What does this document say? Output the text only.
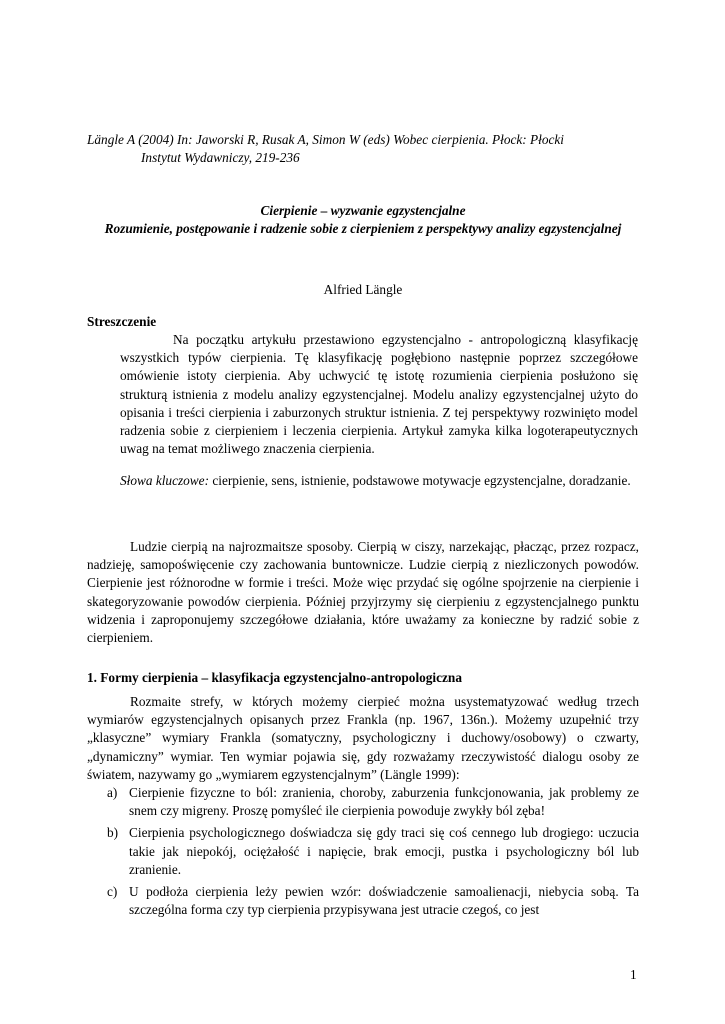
Längle A (2004) In: Jaworski R, Rusak A, Simon W (eds) Wobec cierpienia. Płock: Płocki
Instytut Wydawniczy, 219-236
Cierpienie – wyzwanie egzystencjalne
Rozumienie, postępowanie i radzenie sobie z cierpieniem z perspektywy analizy egzystencjalnej
Alfried Längle
Streszczenie

Na początku artykułu przestawiono egzystencjalno - antropologiczną klasyfikację wszystkich typów cierpienia. Tę klasyfikację pogłębiono następnie poprzez szczegółowe omówienie istoty cierpienia. Aby uchwycić tę istotę rozumienia cierpienia posłużono się strukturą istnienia z modelu analizy egzystencjalnej. Modelu analizy egzystencjalnej użyto do opisania i treści cierpienia i zaburzonych struktur istnienia. Z tej perspektywy rozwinięto model radzenia sobie z cierpieniem i leczenia cierpienia. Artykuł zamyka kilka logoterapeutycznych uwag na temat możliwego znaczenia cierpienia.

Słowa kluczowe: cierpienie, sens, istnienie, podstawowe motywacje egzystencjalne, doradzanie.

Ludzie cierpią na najrozmaitsze sposoby. Cierpią w ciszy, narzekając, płacząc, przez rozpacz, nadzieję, samopoświęcenie czy zachowania buntownicze. Ludzie cierpią z niezliczonych powodów. Cierpienie jest różnorodne w formie i treści. Może więc przydać się ogólne spojrzenie na cierpienie i skategoryzowanie powodów cierpienia. Później przyjrzymy się cierpieniu z egzystencjalnego punktu widzenia i zaproponujemy szczegółowe działania, które uważamy za konieczne by radzić sobie z cierpieniem.

1. Formy cierpienia – klasyfikacja egzystencjalno-antropologiczna

Rozmaite strefy, w których możemy cierpieć można usystematyzować według trzech wymiarów egzystencjalnych opisanych przez Frankla (np. 1967, 136n.). Możemy uzupełnić trzy „klasyczne” wymiary Frankla (somatyczny, psychologiczny i duchowy/osobowy) o czwarty, „dynamiczny” wymiar. Ten wymiar pojawia się, gdy rozważamy rzeczywistość dialogu osoby ze światem, nazywamy go „wymiarem egzystencjalnym” (Längle 1999):

a) Cierpienie fizyczne to ból: zranienia, choroby, zaburzenia funkcjonowania, jak problemy ze snem czy migreny. Proszę pomyśleć ile cierpienia powoduje zwykły ból zęba!
b) Cierpienia psychologicznego doświadcza się gdy traci się coś cennego lub drogiego: uczucia takie jak niepokój, ociężałość i napięcie, brak emocji, pustka i psychologiczny ból lub zranienie.
c) U podłoża cierpienia leży pewien wzór: doświadczenie samoalienacji, niebycia sobą. Ta szczególna forma czy typ cierpienia przypisywana jest utracie czegoś, co jest
1
